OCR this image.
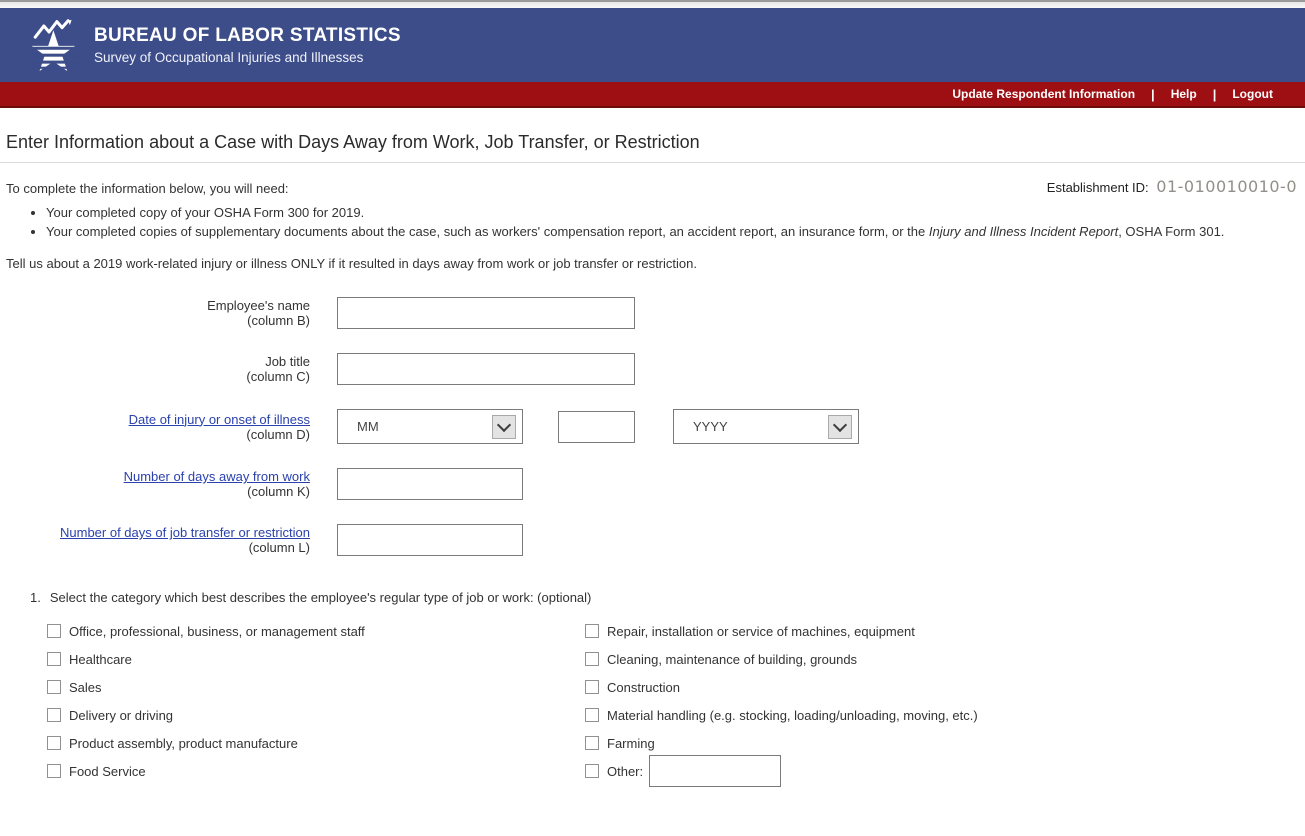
BUREAU OF LABOR STATISTICS
Survey of Occupational Injuries and Illnesses
Update Respondent Information | Help | Logout
Enter Information about a Case with Days Away from Work, Job Transfer, or Restriction
To complete the information below, you will need:	Establishment ID: 01-010010010-0
• Your completed copy of your OSHA Form 300 for 2019.
• Your completed copies of supplementary documents about the case, such as workers' compensation report, an accident report, an insurance form, or the Injury and Illness Incident Report, OSHA Form 301.

Tell us about a 2019 work-related injury or illness ONLY if it resulted in days away from work or job transfer or restriction.

Employee's name
(column B)
Job title
(column C)
Date of injury or onset of illness
(column D)
MM
YYYY
Number of days away from work
(column K)
Number of days of job transfer or restriction
(column L)
1. Select the category which best describes the employee's regular type of job or work: (optional)
Office, professional, business, or management staff
Healthcare
Sales
Delivery or driving
Product assembly, product manufacture
Food Service
Repair, installation or service of machines, equipment
Cleaning, maintenance of building, grounds
Construction
Material handling (e.g. stocking, loading/unloading, moving, etc.)
Farming
Other:
